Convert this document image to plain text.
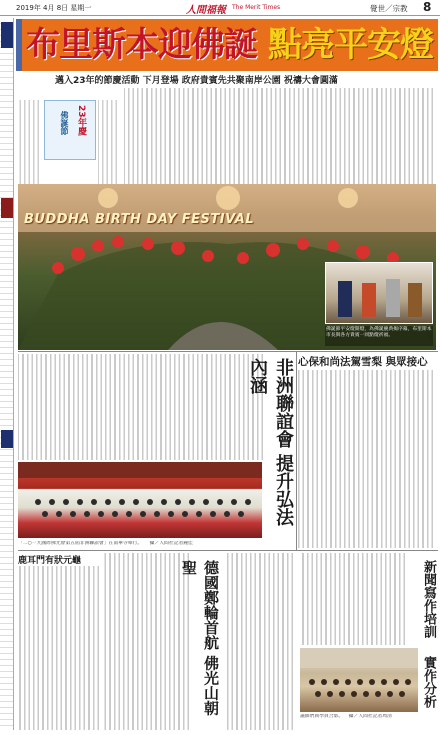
2019年 4月 8日 星期一	人間福報 The Merit Times	覺世／宗教 8
布里斯本迎佛誕 點亮平安燈
邁入23年的節慶活動 下月登場 政府貴賓先共聚南岸公園 祝禱大會圓滿
23年慶
佛誕節
BUDDHA BIRTH DAY FESTIVAL
佛誕節平安燈開燈，為佛誕慶典揭序幕，布里斯本市長與各方貴賓一同點燈祈福。
非洲聯誼會 提升弘法內涵
「二○一九國際佛光會第五屆非洲聯誼會」在南華寺舉行。 攝／人間社記者鐘佳
心保和尚法駕雪梨 與眾接心
鹿耳門有狀元龜	德國鄭輪首航 佛光山朝聖	新聞寫作培訓
實作分析
議師們與學員合影。 攝／人間社記者周淸
